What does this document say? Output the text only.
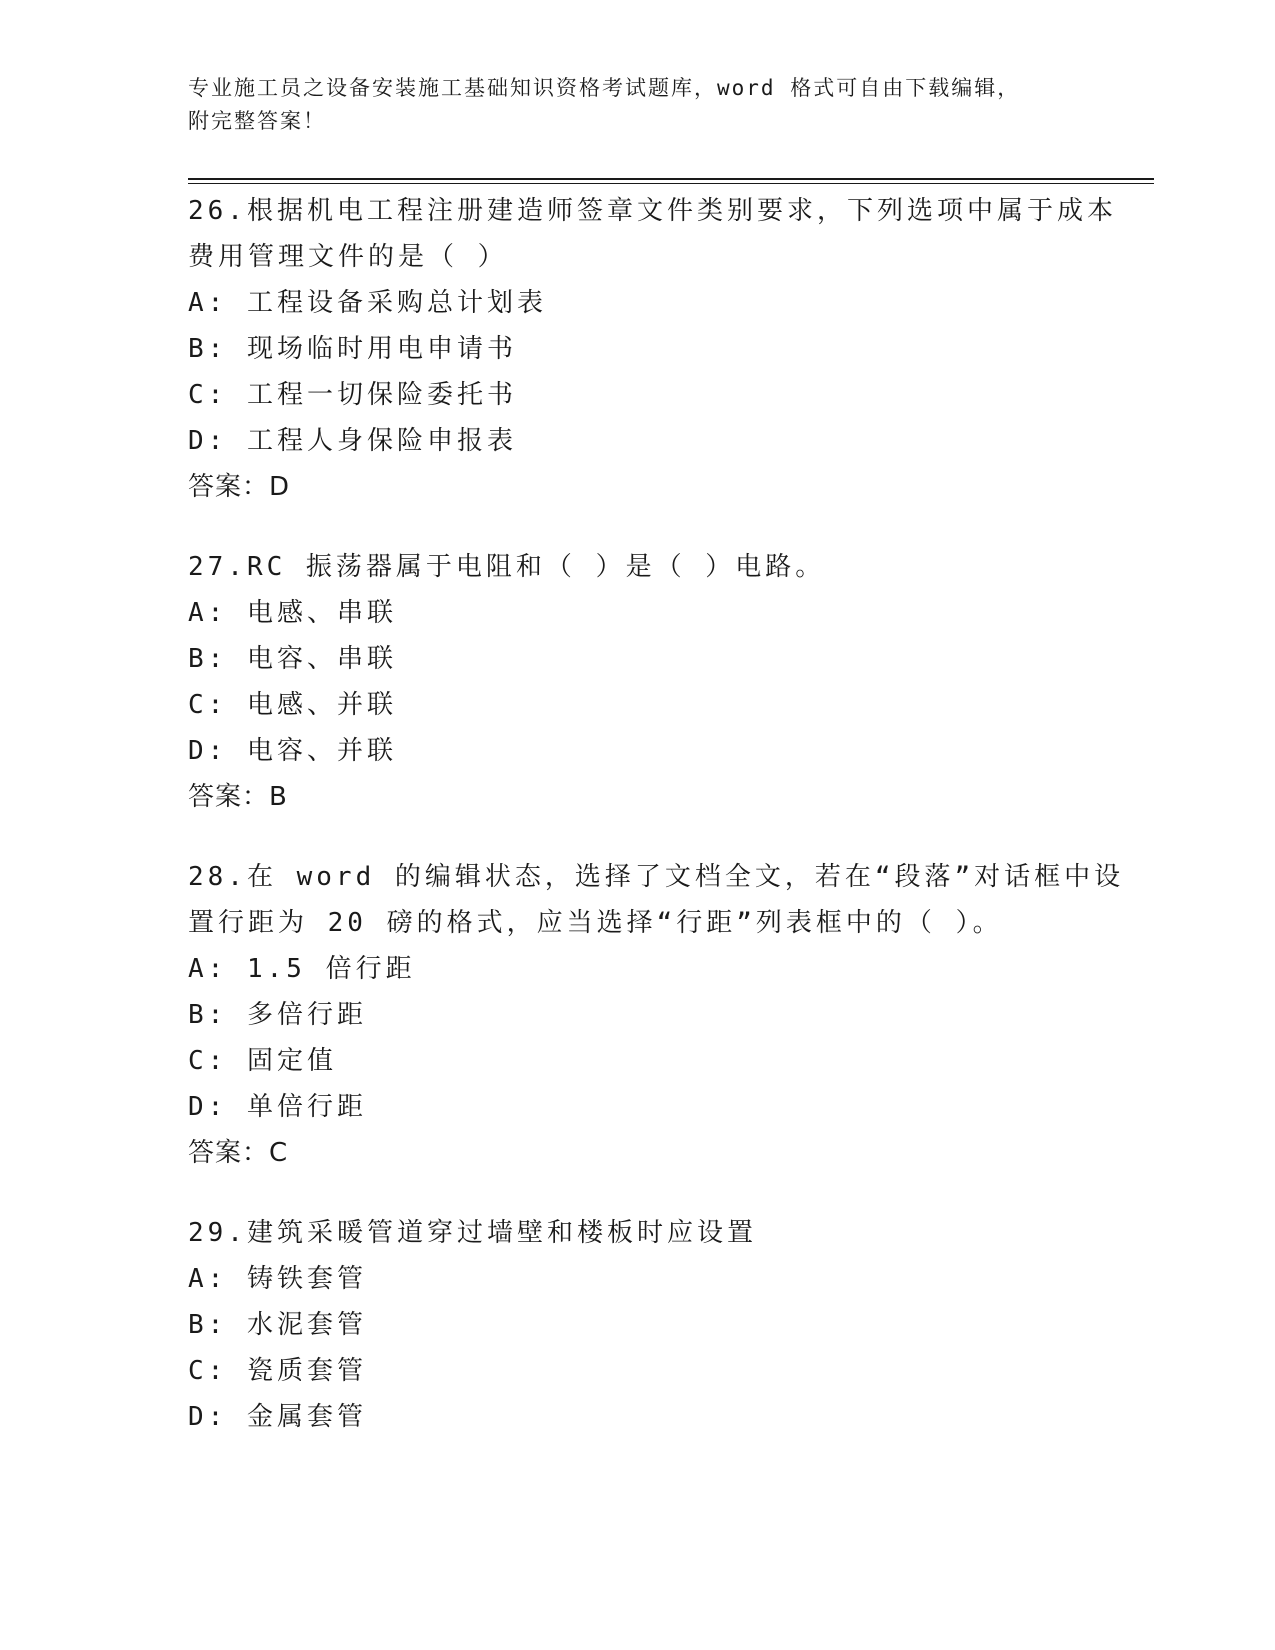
专业施工员之设备安装施工基础知识资格考试题库，word 格式可自由下载编辑，
附完整答案！
26.根据机电工程注册建造师签章文件类别要求，下列选项中属于成本
费用管理文件的是（ ）
A: 工程设备采购总计划表
B: 现场临时用电申请书
C: 工程一切保险委托书
D: 工程人身保险申报表
答案：D
27.RC 振荡器属于电阻和（ ）是（ ）电路。
A: 电感、串联
B: 电容、串联
C: 电感、并联
D: 电容、并联
答案：B
28.在 word 的编辑状态，选择了文档全文，若在“段落”对话框中设
置行距为 20 磅的格式，应当选择“行距”列表框中的（ ）。
A: 1.5 倍行距
B: 多倍行距
C: 固定值
D: 单倍行距
答案：C
29.建筑采暖管道穿过墙壁和楼板时应设置
A: 铸铁套管
B: 水泥套管
C: 瓷质套管
D: 金属套管
